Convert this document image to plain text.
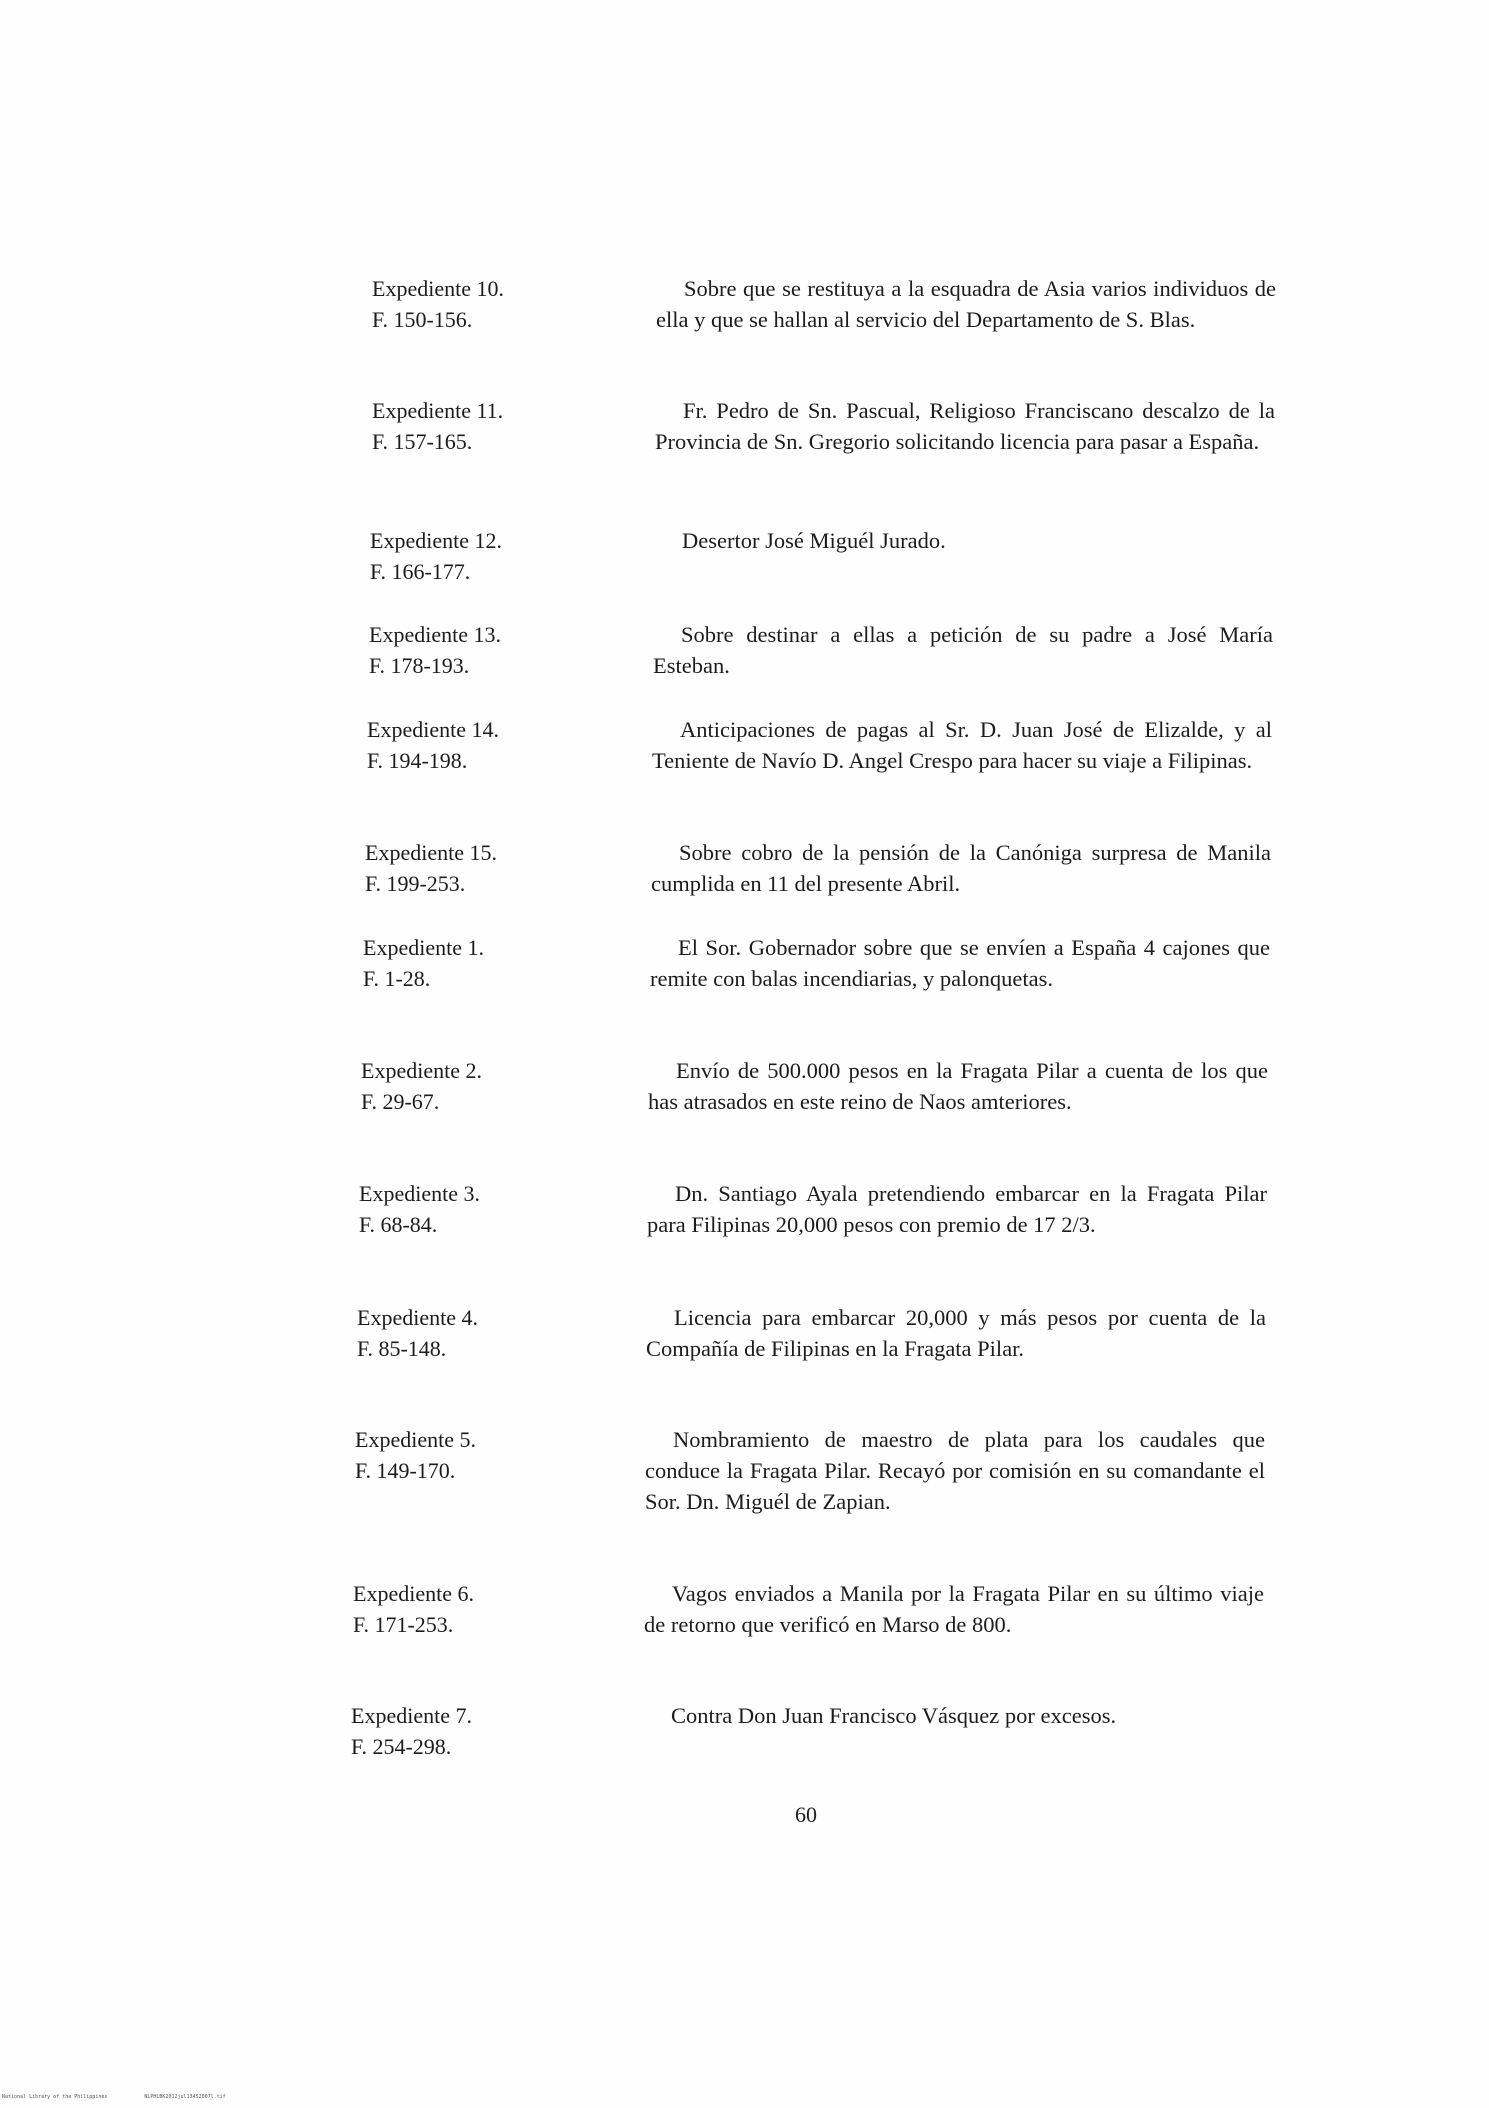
Expediente 10.
F. 150-156.
Sobre que se restituya a la esquadra de Asia varios individuos de ella y que se hallan al servicio del Departamento de S. Blas.
Expediente 11.
F. 157-165.
Fr. Pedro de Sn. Pascual, Religioso Franciscano descalzo de la Provincia de Sn. Gregorio solicitando licencia para pasar a España.
Expediente 12.
F. 166-177.
Desertor José Miguél Jurado.
Expediente 13.
F. 178-193.
Sobre destinar a ellas a petición de su padre a José María Esteban.
Expediente 14.
F. 194-198.
Anticipaciones de pagas al Sr. D. Juan José de Elizalde, y al Teniente de Navío D. Angel Crespo para hacer su viaje a Filipinas.
Expediente 15.
F. 199-253.
Sobre cobro de la pensión de la Canóniga surpresa de Manila cumplida en 11 del presente Abril.
Expediente 1.
F. 1-28.
El Sor. Gobernador sobre que se envíen a España 4 cajones que remite con balas incendiarias, y palonquetas.
Expediente 2.
F. 29-67.
Envío de 500.000 pesos en la Fragata Pilar a cuenta de los que has atrasados en este reino de Naos amteriores.
Expediente 3.
F. 68-84.
Dn. Santiago Ayala pretendiendo embarcar en la Fragata Pilar para Filipinas 20,000 pesos con premio de 17 2/3.
Expediente 4.
F. 85-148.
Licencia para embarcar 20,000 y más pesos por cuenta de la Compañía de Filipinas en la Fragata Pilar.
Expediente 5.
F. 149-170.
Nombramiento de maestro de plata para los caudales que conduce la Fragata Pilar. Recayó por comisión en su comandante el Sor. Dn. Miguél de Zapian.
Expediente 6.
F. 171-253.
Vagos enviados a Manila por la Fragata Pilar en su último viaje de retorno que verificó en Marso de 800.
Expediente 7.
F. 254-298.
Contra Don Juan Francisco Vásquez por excesos.
60
National Library of the Philippines	NLPHLBK2012jul13452007l.tif
